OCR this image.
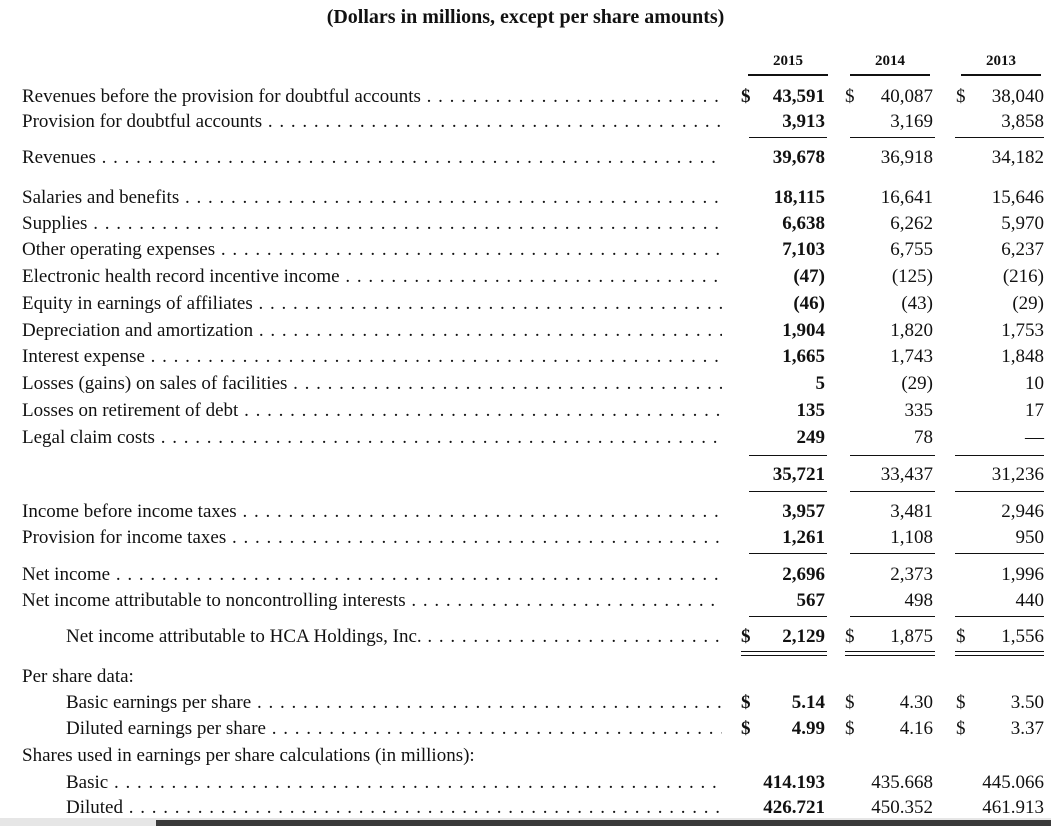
(Dollars in millions, except per share amounts)
2015	2014	2013
Revenues before the provision for doubtful accounts . . .	$	43,591 $	40,087 $	38,040
Provision for doubtful accounts . . .	3,913	3,169	3,858
Revenues . . .	39,678	36,918	34,182
Salaries and benefits . . .	18,115	16,641	15,646
Supplies . . .	6,638	6,262	5,970
Other operating expenses . . .	7,103	6,755	6,237
Electronic health record incentive income . . .	(47)	(125)	(216)
Equity in earnings of affiliates . . .	(46)	(43)	(29)
Depreciation and amortization . . .	1,904	1,820	1,753
Interest expense . . .	1,665	1,743	1,848
Losses (gains) on sales of facilities . . .	5	(29)	10
Losses on retirement of debt . . .	135	335	17
Legal claim costs . . .	249	78	—
35,721	33,437	31,236
Income before income taxes . . .	3,957	3,481	2,946
Provision for income taxes . . .	1,261	1,108	950
Net income . . .	2,696	2,373	1,996
Net income attributable to noncontrolling interests . . .	567	498	440
Net income attributable to HCA Holdings, Inc. . . .	$	2,129 $	1,875 $	1,556
Per share data:
Basic earnings per share . . .	$	5.14 $	4.30 $	3.50
Diluted earnings per share . . .	$	4.99 $	4.16 $	3.37
Shares used in earnings per share calculations (in millions):
Basic . . .	414.193	435.668	445.066
Diluted . . .	426.721	450.352	461.913
